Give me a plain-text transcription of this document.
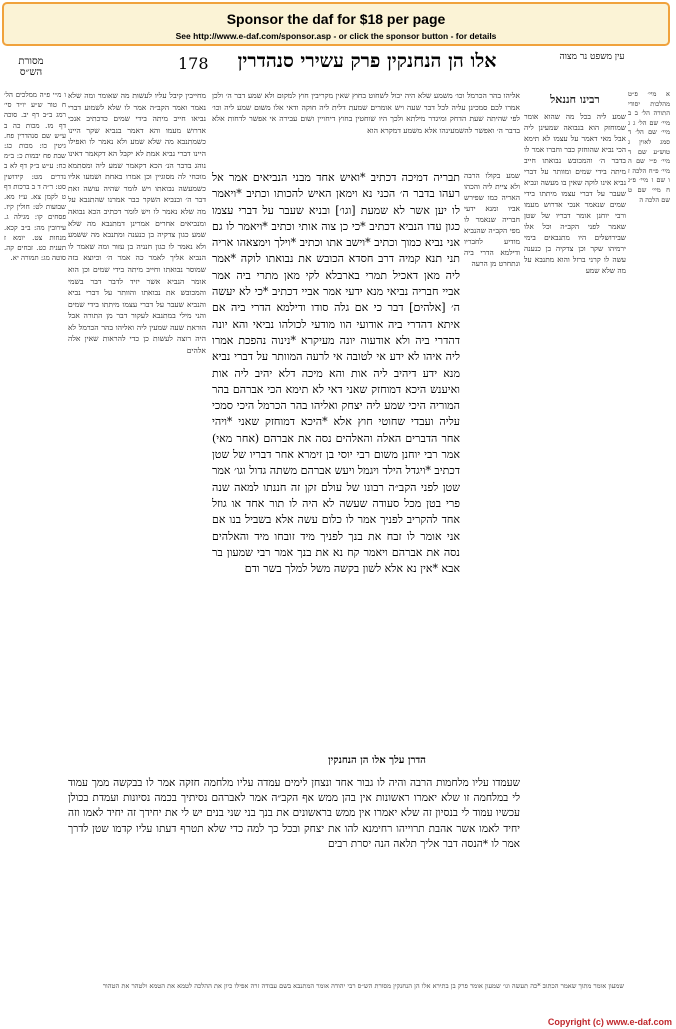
Sponsor the daf for $18 per page
See http://www.e-daf.com/sponsor.asp - or click the sponsor button - for details
מסורת הש״ס	178	אלו הן הנחנקין פרק עשירי סנהדרין	עין משפט נר מצוה
ו מ״י פ״ה ממלכים הל׳ ח טור ש״ע יו״ד סי׳ רמג ב״ב דף יב. סוכה דף מז. מכות כה ב ע״ש שם סנהדרין פח. גיטין כו: מכות כג: שבת פח יבמות כ: ב״מ כח: ע״ש ב״ק דף לא ב נדרים מט: קידושין סט: ר״ה ד ב ברכות דף ט לקמן צא. ע״ז מא. שבועות לט: חולין קיז. פסחים קו: מגילה ג. עירובין מה: ב״ב קכא. מנחות צט. יומא ז תענית כט. זבחים קה. סוטה מג: תמורה יא.
מחייבין קיבל עליו לעשות מה שאומר ומה שלא נאמר ואמר הקב״ה אמר לו שלא לשמוע דברי נביאו חייב מיתה בידי שמים כדכתיב אנכי אדרוש מעמו והא דאמר בנביא שקר היינו כשמתנבא מה שלא שמע ולא נאמר לו ואפילו היינו דברי נביא אמת לא יקבל הא דקאמר דאינו נוהג בדבר הנ׳ הכא דקאמר שמע ליה ומסתמא מוכחי לה מסוגיין וכן אמרו באחת ושמעו אליו כשמעשה נבואתו ויש לומר שהיה עושה זאת דבר ה׳ ובנביא השקר כבר אמרנו שהתנבא על מה שלא נאמר לו ויש לומר דכתיב הכא נבואה ומנביאים אחרים אמרינן דמתנבא מה שלא שמע כגון צדקיה בן כנענה ומתנבא מה ששמע ולא נאמר לו כגון חנניה בן עזור ומה שאמר לו הנביא אליך לאמר כה אמר ה׳ וכיוצא בזה שמוסר נבואתו וחייב מיתה בידי שמים וכן הוא אומר הנביא אשר יזיד לדבר דבר בשמי והמכובש את נבואתו והוותר על דברי נביא והנביא שעבר על דברי עצמו מיתתו בידי שמים והני מילי במתנבא לעקור דבר מן התורה אבל הוראת שעה שמעין ליה ואליהו בהר הכרמל לא היה רוצה לעשות כן כדי להראות שאין אלה אלהים
אליהו בהר הכרמל וכו׳ משמע שלא היה יכול לשחוט בחוץ שאין מקריבין חוץ למקום ולא שמע דבר ה׳ ולכן אמרו לכם סמכינן עליה לכל דבר שעה ויש אומרים שמעת דלית ליה חוקה ודאי אלו משום שמע ליה וכו׳ לפי שהיתה שעת הדחק ומיגדר מילתא ולכך היו שוחטין בחוץ דיחויין ושום עבירה אי אפשר לדחות אלא בדבר ה׳ ואפשר להשמעינהו אלא משמע דמקרא הוא
תבריה דמיכה דכתיב *ואיש אחד מבני הנביאים אמר אל רעהו בדבר ה׳ הכני נא וימאן האיש להכותו וכתיב *ויאמר לו יען אשר לא שמעת [וגו׳] ובניא שעבר על דברי עצמו כגון עדו הנביא דכתיב *כי כן צוה אותי וכתיב *ויאמר לו גם אני נביא כמוך וכתיב *וישב אתו וכתיב *וילך וימצאהו אריה תני תנא קמיה דרב חסדא הכובש את נבואתו לוקה *אמר ליה מאן דאכיל תמרי בארבלא לקי מאן מתרי ביה אמר אביי חבריה נביאי מנא ידעי אמר אביי דכתיב *כי לא יעשה ה׳ [אלהים] דבר כי אם גלה סודו ודילמא הדרי ביה אם איתא דהדרי ביה אודועי הוו מודעי לכולהו נביאי והא יונה דהדרי ביה ולא אודעוה יונה מעיקרא *נינוה נהפכת אמרו ליה איהו לא ידע אי לטובה אי לרעה המוותר על דברי נביא מנא ידע דיהיב ליה אות והא מיכה דלא יהיב ליה אות ואיענש היכא דמוחזק שאני דאי לא תימא הכי אברהם בהר המוריה היכי שמע ליה יצחק ואליהו בהר הכרמל היכי סמכי עליה ועבדי שחוטי חוץ אלא *היכא דמוחזק שאני *ויהי אחר הדברים האלה והאלהים נסה את אברהם (אחר מאי) אמר רבי יוחנן משום רבי יוסי בן זימרא אחר דבריו של שטן דכתיב *ויגדל הילד ויגמל ויעש אברהם משתה גדול וגו׳ אמר שטן לפני הקב״ה רבונו של עולם זקן זה חננתו למאה שנה פרי בטן מכל סעודה שעשה לא היה לו תור אחד או גוזל אחד להקריב לפניך אמר לו כלום עשה אלא בשביל בנו אם אני אומר לו זבח את בנך לפניך מיד זובחו מיד והאלהים נסה את אברהם ויאמר קח נא את בנך אמר רבי שמעון בר אבא *אין נא אלא לשון בקשה משל למלך בשר ודם
שמע בקולו הרבה ולא ציית ליה והכהו האריה כמו שפירש אביו ומנא ידעי חבריה שנאמר לו מפי הקב״ה שהנביא מודיע לחבריו ודילמא הדרי ביה ונתחרט מן הרעה
הדרן עלך אלו הן הנחנקין
שעמדו עליו מלחמות הרבה והיה לו גבור אחד ונצחן לימים עמדה עליו מלחמה חזקה אמר לו בבקשה ממך עמוד לי במלחמה זו שלא יאמרו ראשונות אין בהן ממש אף הקב״ה אמר לאברהם נסיתיך בכמה נסיונות ועמדת בכולן עכשיו עמוד לי בנסיון זה שלא יאמרו אין ממש בראשונים את בנך בני שני בנים יש לי את יחידך זה יחיד לאמו וזה יחיד לאמו אשר אהבת תרוייהו רחימנא להו את יצחק ובכל כך למה כדי שלא תטרף דעתו עליו קדמו שטן לדרך אמר לו *הנסה דבר אליך תלאה הנה יסרת רבים
רבינו חננאל
שמע ליה בכל מה שהוא אומר שמוחזק הוא בנבואה שמעינן ליה אבל מאי דאמר על עצמו לא תימא הכי נביא שהוחזק כבר וחברו אמר לו בדבר ה׳ והמכובש נבואתו חייב מיתה בידי שמים ומוותר על דברי נביא אינו לוקה שאין בו מעשה ונביא שעבר על דברי עצמו מיתתו בידי שמים שנאמר אנכי אדרוש מעמו ורבי יוחנן אומר דבריו של שטן שאמר לפני הקב״ה וכל אלו שבירושלים היו מתנבאים בימי ירמיהו שקר וכן צדקיה בן כנענה עשה לו קרני ברזל והוא מתנבא על מה שלא שמע
א מיי׳ פ״ט מהלכות יסודי התורה הל׳ ב ב מיי׳ שם הל׳ ג ג מיי׳ שם הל׳ ד סמג לאוין ג טוש״ע שם ד מיי׳ פ״י שם ה מיי׳ פ״ח הלכה ז ו שם ז מיי׳ פ״ג ח מיי׳ שם ט שם הלכה ה
שמעון אומר מתוך שאמר הכתוב *כה תעשה וגו׳ שמעון אומר פרק בן בתירא אלו הן הנחנקין מסורת הש״ס רבי יהודה אומר המתנבא בשם עבודה זרה אפילו כיון את ההלכה לטמא את הטמא ולטהר את הטהור
Copyright (c) www.e-daf.com
